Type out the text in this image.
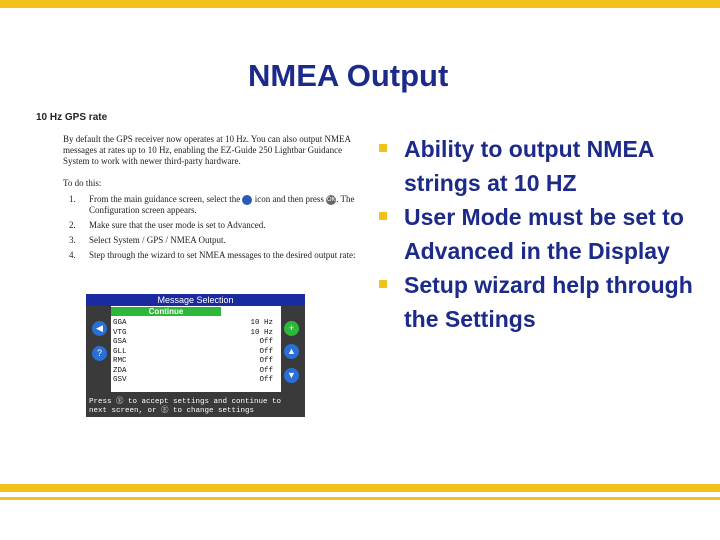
NMEA Output
10 Hz GPS rate
By default the GPS receiver now operates at 10 Hz. You can also output NMEA messages at rates up to 10 Hz, enabling the EZ-Guide 250 Lightbar Guidance System to work with newer third-party hardware.
To do this:
1. From the main guidance screen, select the icon and then press OK. The Configuration screen appears.
2. Make sure that the user mode is set to Advanced.
3. Select System / GPS / NMEA Output.
4. Step through the wizard to set NMEA messages to the desired output rate:
Message Selection
◀
?
Continue
GGA	10 Hz
VTG	10 Hz
GSA	Off
GLL	Off
RMC	Off
ZDA	Off
GSV	Off
+
▲
▼
Press Ⓔ to accept settings and continue to next screen, or Ⓔ to change settings
Ability to output NMEA strings at 10 HZ
User Mode must be set to Advanced in the Display
Setup wizard help through the Settings
